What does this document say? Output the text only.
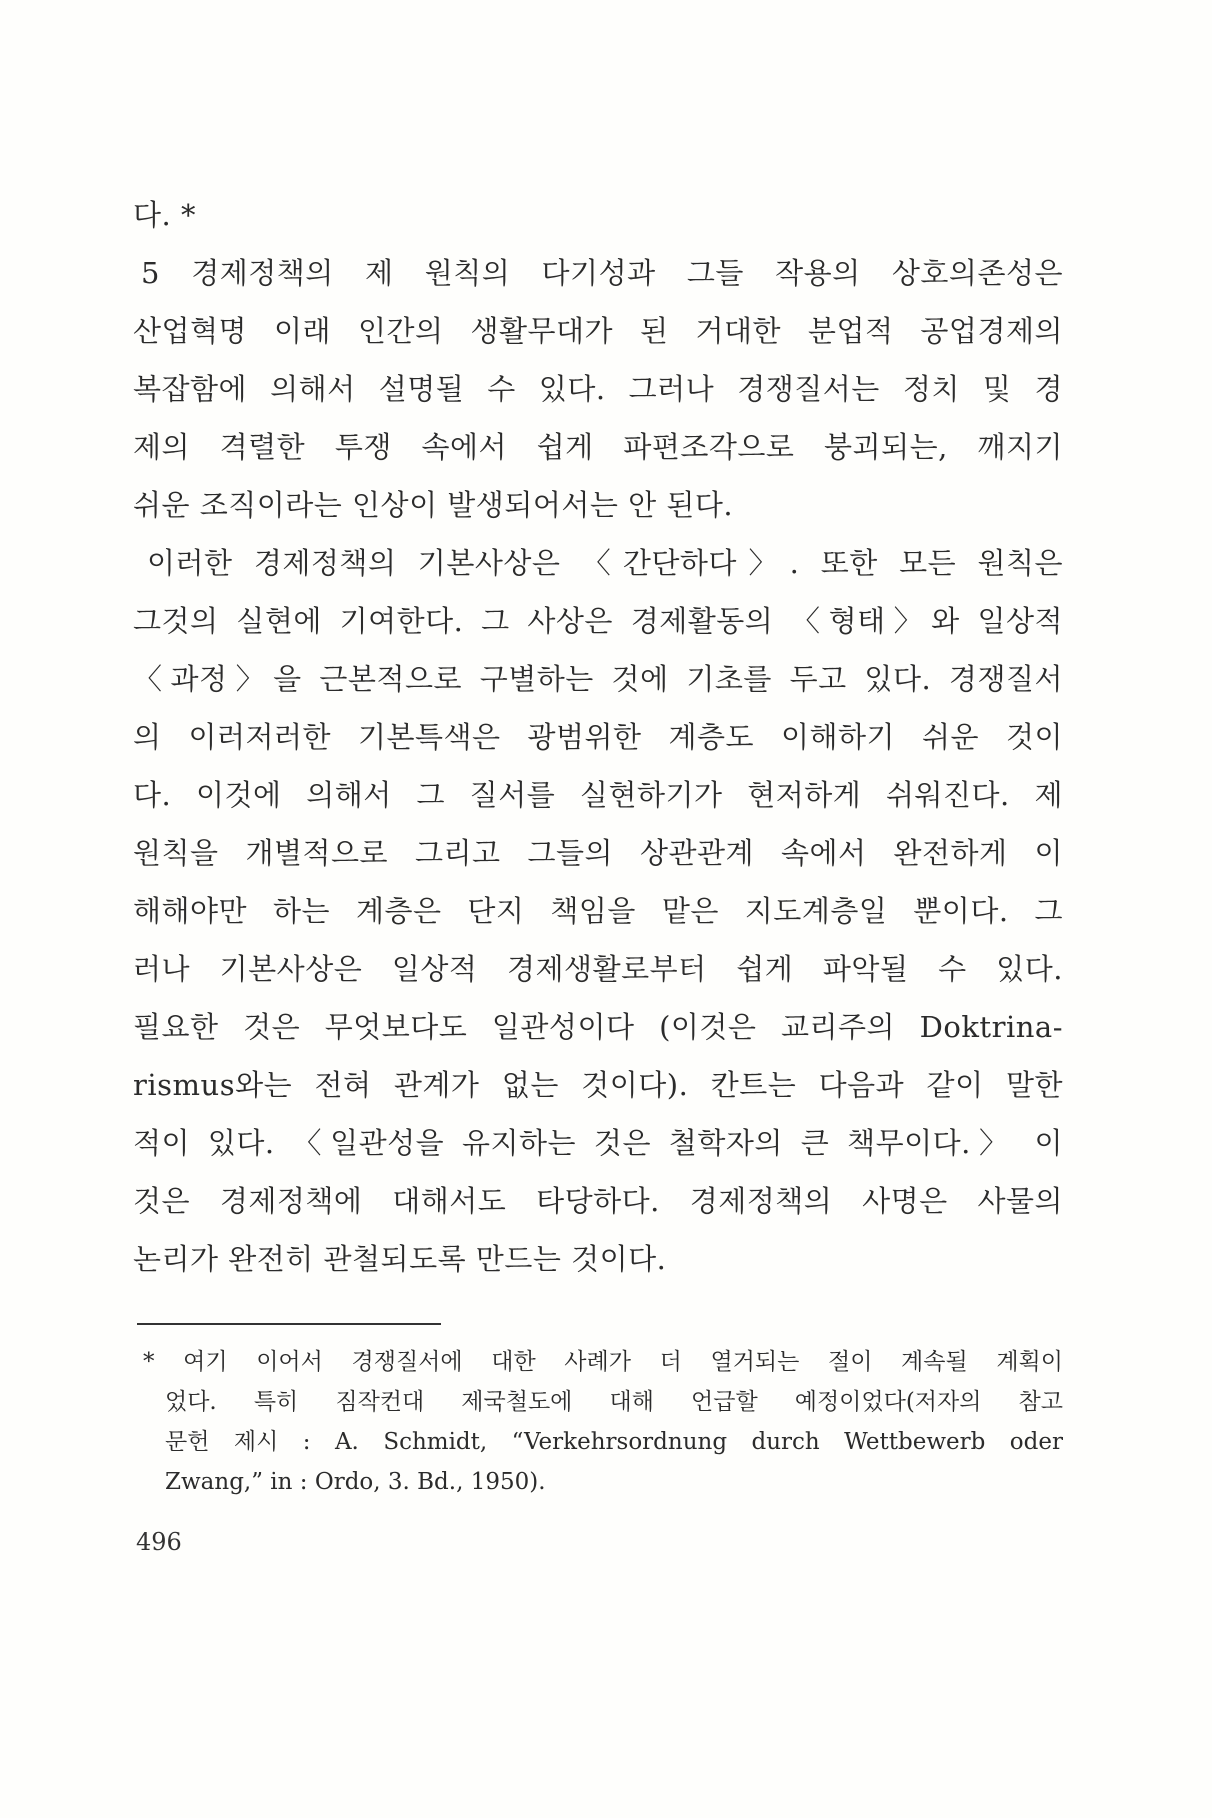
다. *
5 경제정책의 제 원칙의 다기성과 그들 작용의 상호의존성은
산업혁명 이래 인간의 생활무대가 된 거대한 분업적 공업경제의
복잡함에 의해서 설명될 수 있다. 그러나 경쟁질서는 정치 및 경
제의 격렬한 투쟁 속에서 쉽게 파편조각으로 붕괴되는, 깨지기
쉬운 조직이라는 인상이 발생되어서는 안 된다.
이러한 경제정책의 기본사상은 〈간단하다〉. 또한 모든 원칙은
그것의 실현에 기여한다. 그 사상은 경제활동의 〈형태〉와 일상적
〈과정〉을 근본적으로 구별하는 것에 기초를 두고 있다. 경쟁질서
의 이러저러한 기본특색은 광범위한 계층도 이해하기 쉬운 것이
다. 이것에 의해서 그 질서를 실현하기가 현저하게 쉬워진다. 제
원칙을 개별적으로 그리고 그들의 상관관계 속에서 완전하게 이
해해야만 하는 계층은 단지 책임을 맡은 지도계층일 뿐이다. 그
러나 기본사상은 일상적 경제생활로부터 쉽게 파악될 수 있다.
필요한 것은 무엇보다도 일관성이다 (이것은 교리주의 Doktrina-
rismus와는 전혀 관계가 없는 것이다). 칸트는 다음과 같이 말한
적이 있다. 〈일관성을 유지하는 것은 철학자의 큰 책무이다.〉 이
것은 경제정책에 대해서도 타당하다. 경제정책의 사명은 사물의
논리가 완전히 관철되도록 만드는 것이다.
* 여기 이어서 경쟁질서에 대한 사례가 더 열거되는 절이 계속될 계획이
었다. 특히 짐작컨대 제국철도에 대해 언급할 예정이었다(저자의 참고
문헌 제시 : A. Schmidt, “Verkehrsordnung durch Wettbewerb oder
Zwang,” in : Ordo, 3. Bd., 1950).
496
